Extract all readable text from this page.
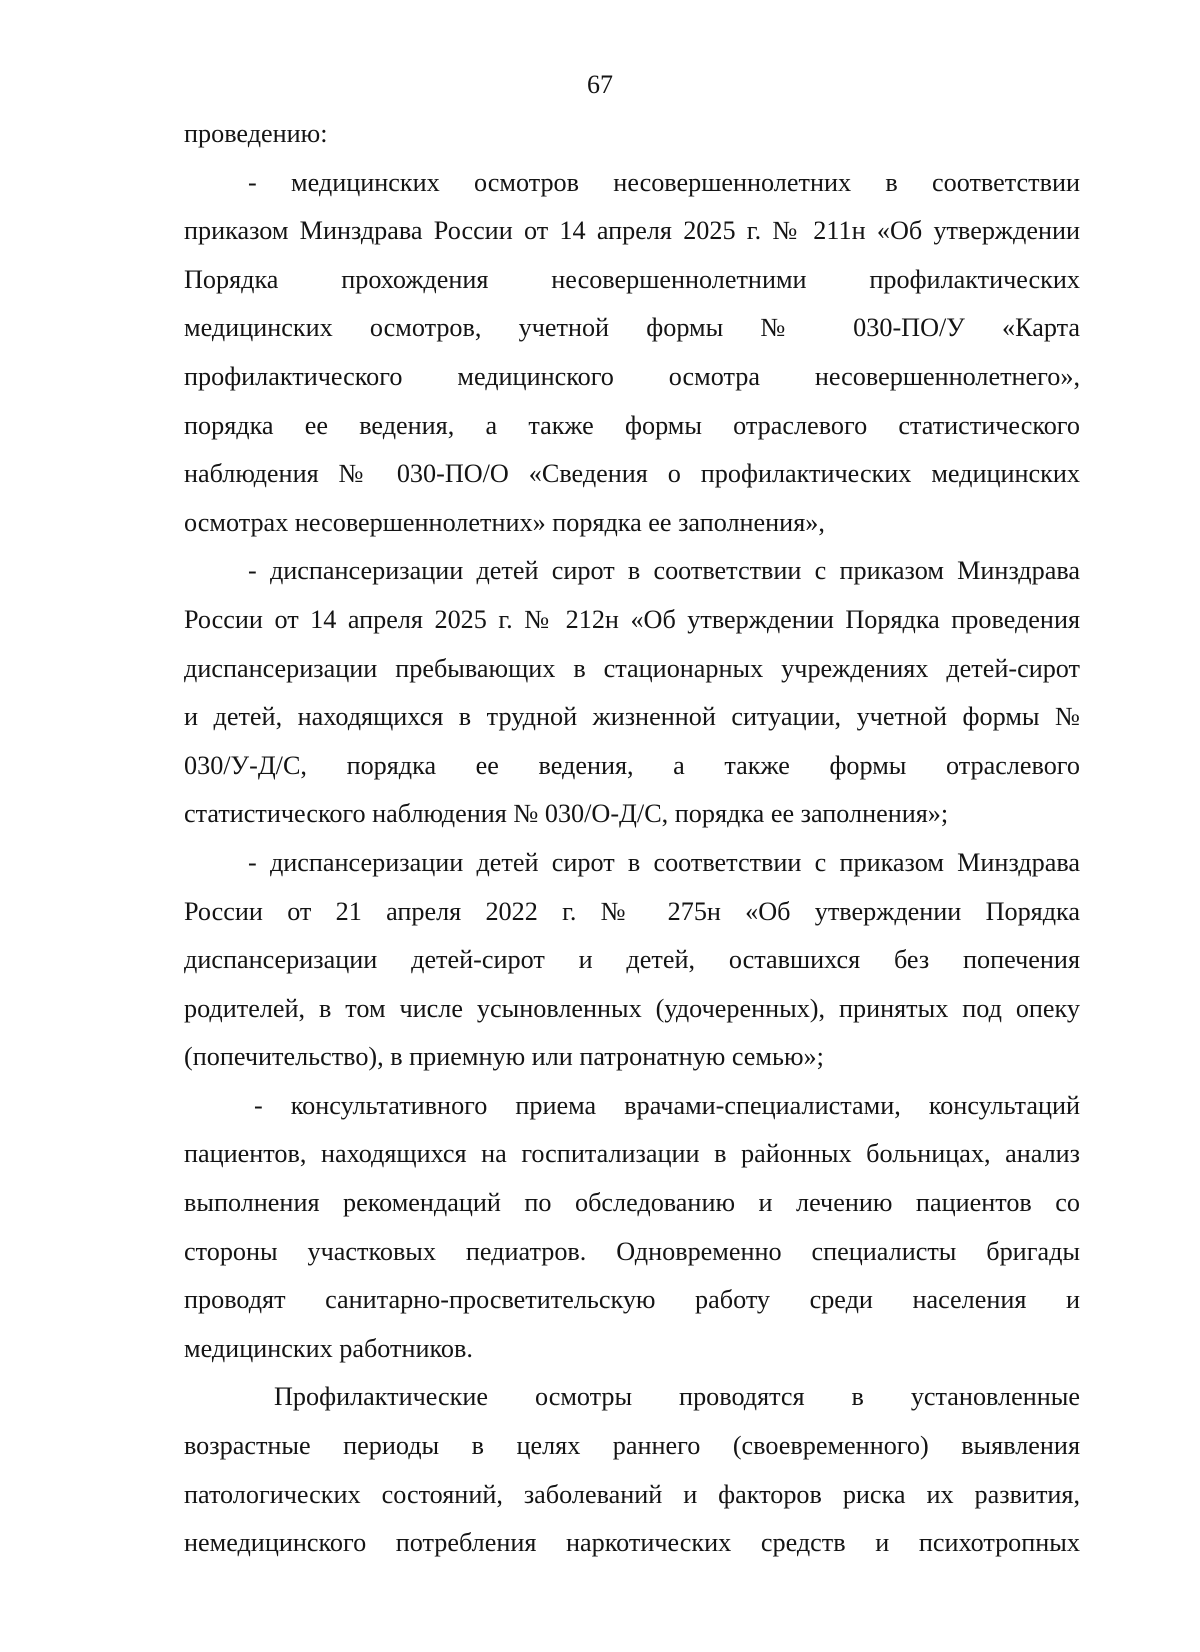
67
проведению:
- медицинских осмотров несовершеннолетних в соответствии
приказом Минздрава России от 14 апреля 2025 г. № 211н «Об утверждении
Порядка прохождения несовершеннолетними профилактических
медицинских осмотров, учетной формы № 030-ПО/У «Карта
профилактического медицинского осмотра несовершеннолетнего»,
порядка ее ведения, а также формы отраслевого статистического
наблюдения № 030-ПО/О «Сведения о профилактических медицинских
осмотрах несовершеннолетних» порядка ее заполнения»,
- диспансеризации детей сирот в соответствии с приказом Минздрава
России от 14 апреля 2025 г. № 212н «Об утверждении Порядка проведения
диспансеризации пребывающих в стационарных учреждениях детей-сирот
и детей, находящихся в трудной жизненной ситуации, учетной формы №
030/У-Д/С, порядка ее ведения, а также формы отраслевого
статистического наблюдения № 030/О-Д/С, порядка ее заполнения»;
- диспансеризации детей сирот в соответствии с приказом Минздрава
России от 21 апреля 2022 г. № 275н «Об утверждении Порядка
диспансеризации детей-сирот и детей, оставшихся без попечения
родителей, в том числе усыновленных (удочеренных), принятых под опеку
(попечительство), в приемную или патронатную семью»;
- консультативного приема врачами-специалистами, консультаций
пациентов, находящихся на госпитализации в районных больницах, анализ
выполнения рекомендаций по обследованию и лечению пациентов со
стороны участковых педиатров. Одновременно специалисты бригады
проводят санитарно-просветительскую работу среди населения и
медицинских работников.
Профилактические осмотры проводятся в установленные
возрастные периоды в целях раннего (своевременного) выявления
патологических состояний, заболеваний и факторов риска их развития,
немедицинского потребления наркотических средств и психотропных
